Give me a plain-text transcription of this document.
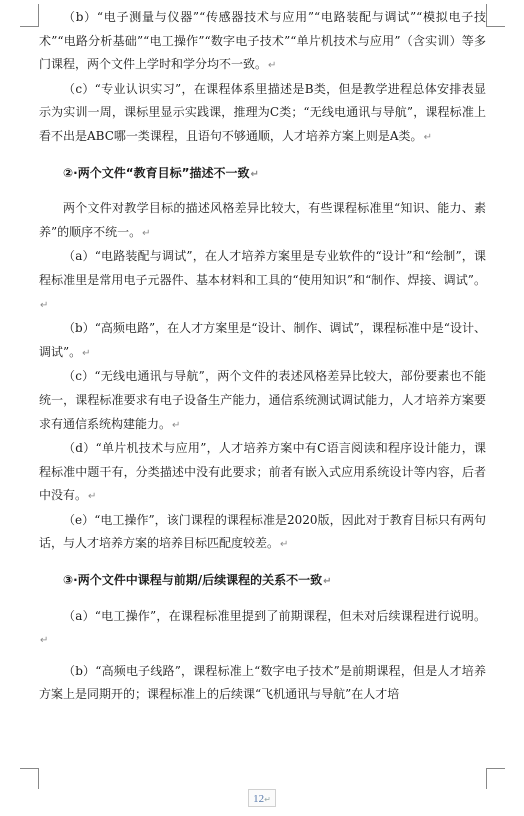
（b）“电子测量与仪器”“传感器技术与应用”“电路装配与调试”“模拟电子技术”“电路分析基础”“电工操作”“数字电子技术”“单片机技术与应用”（含实训）等多门课程，两个文件上学时和学分均不一致。↵

（c）“专业认识实习”，在课程体系里描述是B类，但是教学进程总体安排表显示为实训一周，课标里显示实践课，推理为C类；“无线电通讯与导航”，课程标准上看不出是ABC哪一类课程，且语句不够通顺，人才培养方案上则是A类。↵

②·两个文件“教育目标”描述不一致↵

两个文件对教学目标的描述风格差异比较大，有些课程标准里“知识、能力、素养”的顺序不统一。↵

（a）“电路装配与调试”，在人才培养方案里是专业软件的“设计”和“绘制”，课程标准里是常用电子元器件、基本材料和工具的“使用知识”和“制作、焊接、调试”。↵

（b）“高频电路”，在人才方案里是“设计、制作、调试”，课程标准中是“设计、调试”。↵

（c）“无线电通讯与导航”，两个文件的表述风格差异比较大，部份要素也不能统一，课程标准要求有电子设备生产能力，通信系统测试调试能力，人才培养方案要求有通信系统构建能力。↵

（d）“单片机技术与应用”，人才培养方案中有C语言阅读和程序设计能力，课程标准中题干有，分类描述中没有此要求；前者有嵌入式应用系统设计等内容，后者中没有。↵

（e）“电工操作”，该门课程的课程标准是2020版，因此对于教育目标只有两句话，与人才培养方案的培养目标匹配度较差。↵

③·两个文件中课程与前期/后续课程的关系不一致↵

（a）“电工操作”，在课程标准里提到了前期课程，但未对后续课程进行说明。↵

（b）“高频电子线路”，课程标准上“数字电子技术”是前期课程，但是人才培养方案上是同期开的；课程标准上的后续课“飞机通讯与导航”在人才培

12↵
